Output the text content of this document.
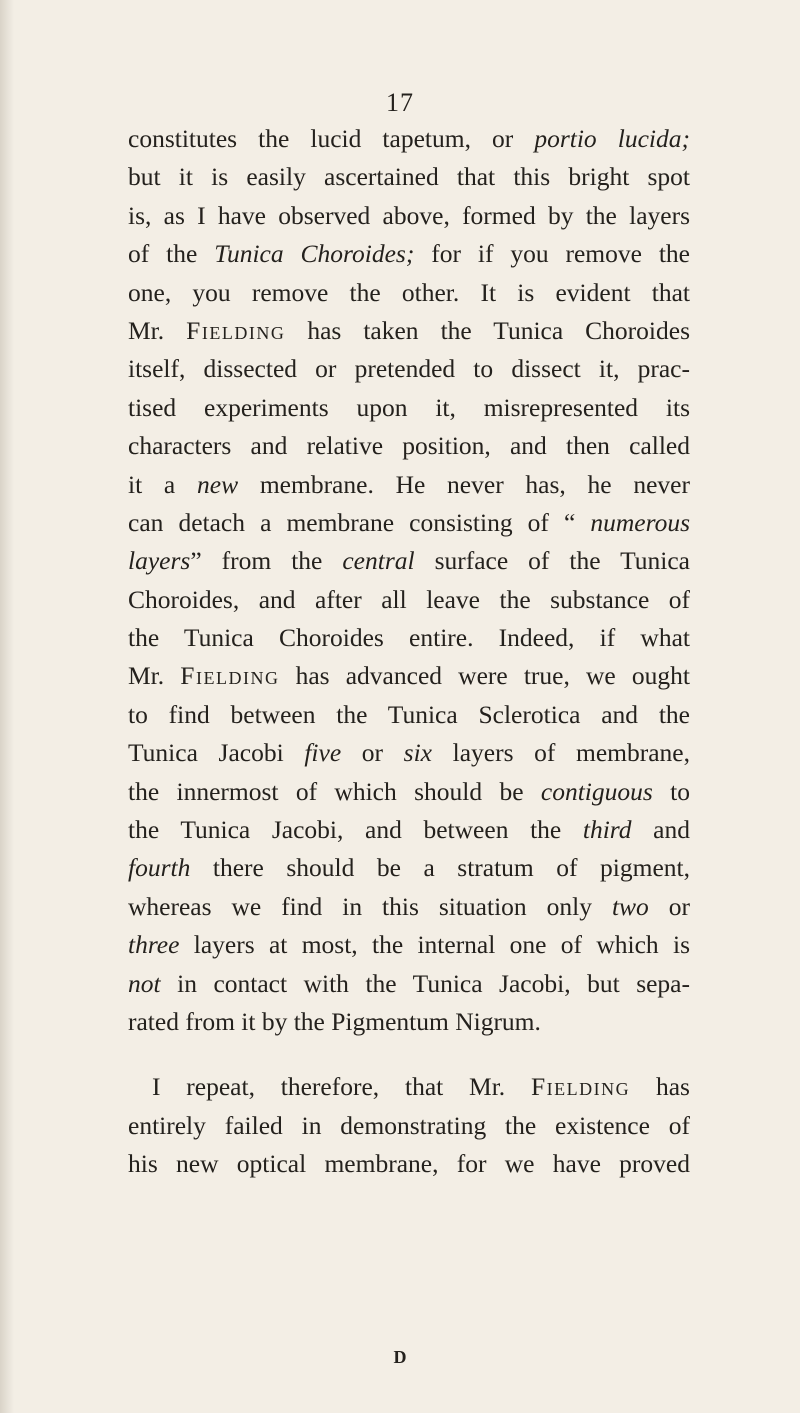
17
constitutes the lucid tapetum, or portio lucida;
but it is easily ascertained that this bright spot
is, as I have observed above, formed by the layers
of the Tunica Choroides; for if you remove the
one, you remove the other. It is evident that
Mr. Fielding has taken the Tunica Choroides
itself, dissected or pretended to dissect it, prac-
tised experiments upon it, misrepresented its
characters and relative position, and then called
it a new membrane. He never has, he never
can detach a membrane consisting of “ numerous
layers” from the central surface of the Tunica
Choroides, and after all leave the substance of
the Tunica Choroides entire. Indeed, if what
Mr. Fielding has advanced were true, we ought
to find between the Tunica Sclerotica and the
Tunica Jacobi five or six layers of membrane,
the innermost of which should be contiguous to
the Tunica Jacobi, and between the third and
fourth there should be a stratum of pigment,
whereas we find in this situation only two or
three layers at most, the internal one of which is
not in contact with the Tunica Jacobi, but sepa-
rated from it by the Pigmentum Nigrum.
I repeat, therefore, that Mr. Fielding has
entirely failed in demonstrating the existence of
his new optical membrane, for we have proved
D
